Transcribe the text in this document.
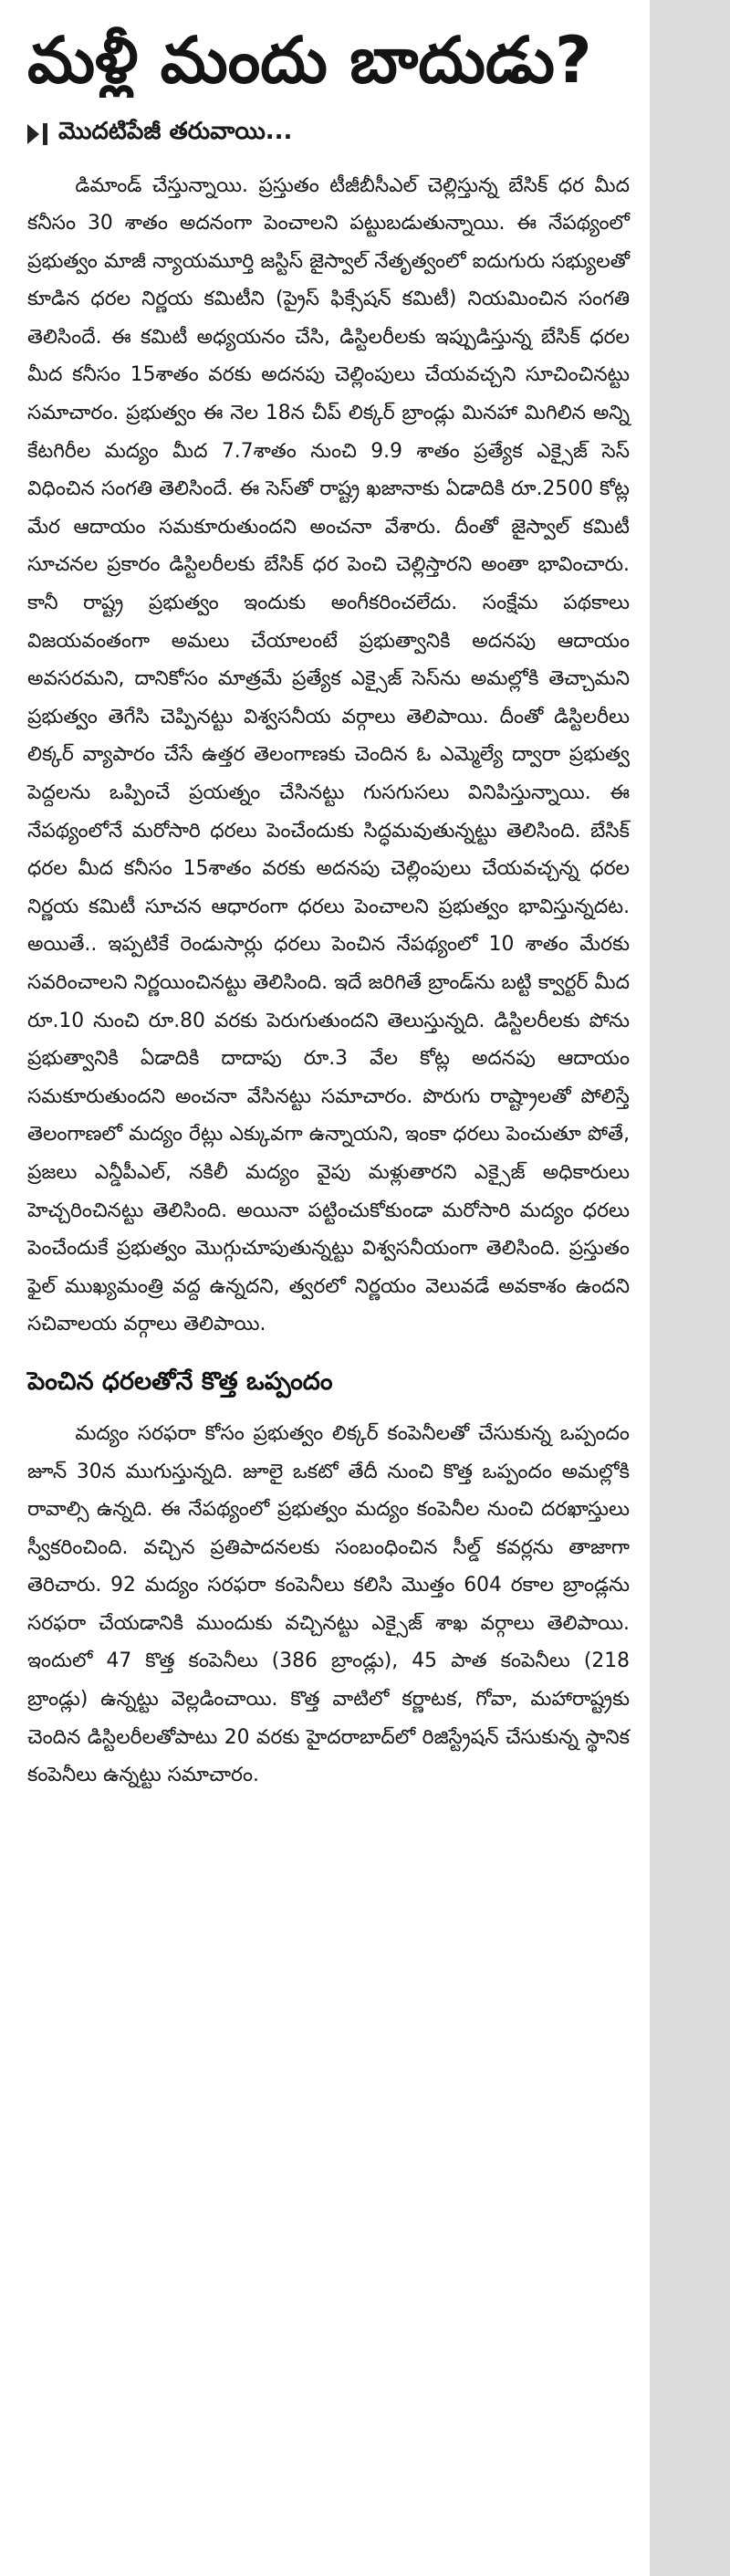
మళ్లీ మందు బాదుడు?
మొదటిపేజీ తరువాయి...

డిమాండ్ చేస్తున్నాయి. ప్రస్తుతం టీజీబీసీఎల్ చెల్లిస్తున్న బేసిక్ ధర మీద కనీసం 30 శాతం అదనంగా పెంచాలని పట్టుబడుతున్నాయి. ఈ నేపథ్యంలో ప్రభుత్వం మాజీ న్యాయమూర్తి జస్టిస్ జైస్వాల్ నేతృత్వంలో ఐదుగురు సభ్యులతో కూడిన ధరల నిర్ణయ కమిటీని (ప్రైస్ ఫిక్సేషన్ కమిటీ) నియమించిన సంగతి తెలిసిందే. ఈ కమిటీ అధ్యయనం చేసి, డిస్టిలరీలకు ఇప్పుడిస్తున్న బేసిక్ ధరల మీద కనీసం 15శాతం వరకు అదనపు చెల్లింపులు చేయవచ్చని సూచించినట్టు సమాచారం. ప్రభుత్వం ఈ నెల 18న చీప్ లిక్కర్ బ్రాండ్లు మినహా మిగిలిన అన్ని కేటగిరీల మద్యం మీద 7.7శాతం నుంచి 9.9 శాతం ప్రత్యేక ఎక్సైజ్ సెస్ విధించిన సంగతి తెలిసిందే. ఈ సెస్‌తో రాష్ట్ర ఖజానాకు ఏడాదికి రూ.2500 కోట్ల మేర ఆదాయం సమకూరుతుందని అంచనా వేశారు. దీంతో జైస్వాల్ కమిటీ సూచనల ప్రకారం డిస్టిలరీలకు బేసిక్ ధర పెంచి చెల్లిస్తారని అంతా భావించారు. కానీ రాష్ట్ర ప్రభుత్వం ఇందుకు అంగీకరించలేదు. సంక్షేమ పథకాలు విజయవంతంగా అమలు చేయాలంటే ప్రభుత్వానికి అదనపు ఆదాయం అవసరమని, దానికోసం మాత్రమే ప్రత్యేక ఎక్సైజ్ సెస్‌ను అమల్లోకి తెచ్చామని ప్రభుత్వం తెగేసి చెప్పినట్టు విశ్వసనీయ వర్గాలు తెలిపాయి. దీంతో డిస్టిలరీలు లిక్కర్ వ్యాపారం చేసే ఉత్తర తెలంగాణకు చెందిన ఓ ఎమ్మెల్యే ద్వారా ప్రభుత్వ పెద్దలను ఒప్పించే ప్రయత్నం చేసినట్టు గుసగుసలు వినిపిస్తున్నాయి. ఈ నేపథ్యంలోనే మరోసారి ధరలు పెంచేందుకు సిద్ధమవుతున్నట్టు తెలిసింది. బేసిక్ ధరల మీద కనీసం 15శాతం వరకు అదనపు చెల్లింపులు చేయవచ్చన్న ధరల నిర్ణయ కమిటీ సూచన ఆధారంగా ధరలు పెంచాలని ప్రభుత్వం భావిస్తున్నదట. అయితే.. ఇప్పటికే రెండుసార్లు ధరలు పెంచిన నేపథ్యంలో 10 శాతం మేరకు సవరించాలని నిర్ణయించినట్టు తెలిసింది. ఇదే జరిగితే బ్రాండ్‌ను బట్టి క్వార్టర్ మీద రూ.10 నుంచి రూ.80 వరకు పెరుగుతుందని తెలుస్తున్నది. డిస్టిలరీలకు పోను ప్రభుత్వానికి ఏడాదికి దాదాపు రూ.3 వేల కోట్ల అదనపు ఆదాయం సమకూరుతుందని అంచనా వేసినట్టు సమాచారం. పొరుగు రాష్ట్రాలతో పోలిస్తే తెలంగాణలో మద్యం రేట్లు ఎక్కువగా ఉన్నాయని, ఇంకా ధరలు పెంచుతూ పోతే, ప్రజలు ఎన్డీపీఎల్, నకిలీ మద్యం వైపు మళ్లుతారని ఎక్సైజ్ అధికారులు హెచ్చరించినట్టు తెలిసింది. అయినా పట్టించుకోకుండా మరోసారి మద్యం ధరలు పెంచేందుకే ప్రభుత్వం మొగ్గుచూపుతున్నట్టు విశ్వసనీయంగా తెలిసింది. ప్రస్తుతం ఫైల్ ముఖ్యమంత్రి వద్ద ఉన్నదని, త్వరలో నిర్ణయం వెలువడే అవకాశం ఉందని సచివాలయ వర్గాలు తెలిపాయి.

పెంచిన ధరలతోనే కొత్త ఒప్పందం

మద్యం సరఫరా కోసం ప్రభుత్వం లిక్కర్ కంపెనీలతో చేసుకున్న ఒప్పందం జూన్ 30న ముగుస్తున్నది. జూలై ఒకటో తేదీ నుంచి కొత్త ఒప్పందం అమల్లోకి రావాల్సి ఉన్నది. ఈ నేపథ్యంలో ప్రభుత్వం మద్యం కంపెనీల నుంచి దరఖాస్తులు స్వీకరించింది. వచ్చిన ప్రతిపాదనలకు సంబంధించిన సీల్డ్ కవర్లను తాజాగా తెరిచారు. 92 మద్యం సరఫరా కంపెనీలు కలిసి మొత్తం 604 రకాల బ్రాండ్లను సరఫరా చేయడానికి ముందుకు వచ్చినట్టు ఎక్సైజ్ శాఖ వర్గాలు తెలిపాయి. ఇందులో 47 కొత్త కంపెనీలు (386 బ్రాండ్లు), 45 పాత కంపెనీలు (218 బ్రాండ్లు) ఉన్నట్టు వెల్లడించాయి. కొత్త వాటిలో కర్ణాటక, గోవా, మహారాష్ట్రకు చెందిన డిస్టిలరీలతోపాటు 20 వరకు హైదరాబాద్‌లో రిజిస్ట్రేషన్ చేసుకున్న స్థానిక కంపెనీలు ఉన్నట్టు సమాచారం.
